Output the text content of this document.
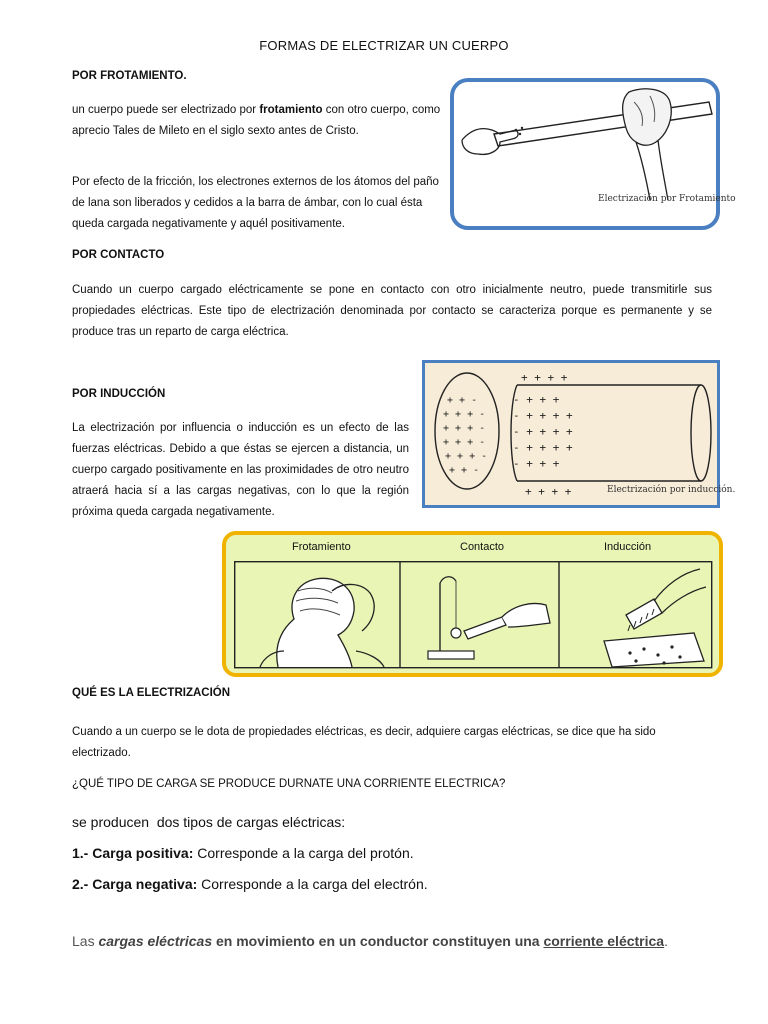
FORMAS DE ELECTRIZAR UN CUERPO
POR FROTAMIENTO.
un cuerpo puede ser electrizado por frotamiento con otro cuerpo, como aprecio Tales de Mileto en el siglo sexto antes de Cristo.
Por efecto de la fricción, los electrones externos de los átomos del paño de lana son liberados y cedidos a la barra de ámbar, con lo cual ésta queda cargada negativamente y aquél positivamente.
Electrización por Frotamiento
POR CONTACTO
Cuando un cuerpo cargado eléctricamente se pone en contacto con otro inicialmente neutro, puede transmitirle sus propiedades eléctricas. Este tipo de electrización denominada por contacto se caracteriza porque es permanente y se produce tras un reparto de carga eléctrica.
POR INDUCCIÓN
La electrización por influencia o inducción es un efecto de las fuerzas eléctricas. Debido a que éstas se ejercen a distancia, un cuerpo cargado positivamente en las proximidades de otro neutro atraerá hacia sí a las cargas negativas, con lo que la región próxima queda cargada negativamente.
+ + -
+ + + -
+ + + -
+ + + -
+ + + -
+ + -
+ + + +
- + + +
- + + + +
- + + + +
- + + + +
- + + +
+ + + +	Electrización por inducción.
Frotamiento	Contacto	Inducción
QUÉ ES LA ELECTRIZACIÓN
Cuando a un cuerpo se le dota de propiedades eléctricas, es decir, adquiere cargas eléctricas, se dice que ha sido electrizado.
¿QUÉ TIPO DE CARGA SE PRODUCE DURNATE UNA CORRIENTE ELECTRICA?
se producen  dos tipos de cargas eléctricas:
1.- Carga positiva: Corresponde a la carga del protón.
2.- Carga negativa: Corresponde a la carga del electrón.
Las cargas eléctricas en movimiento en un conductor constituyen una corriente eléctrica.
